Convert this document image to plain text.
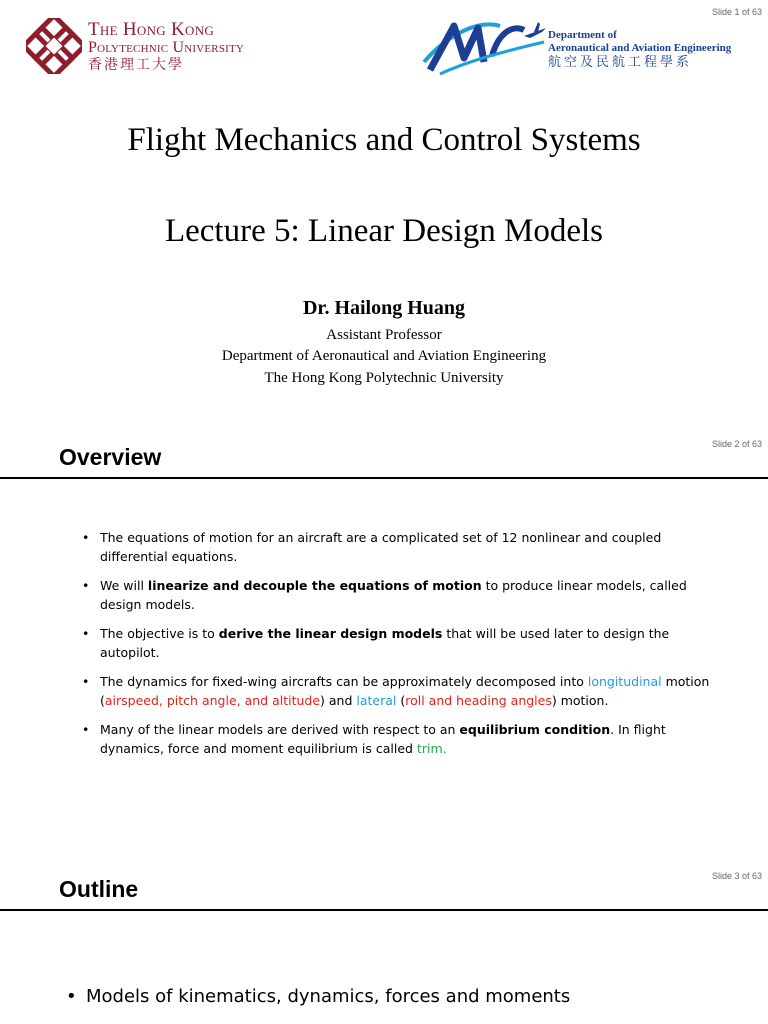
Slide 1 of 63
The Hong Kong
Polytechnic University
香港理工大學
Department of
Aeronautical and Aviation Engineering
航空及民航工程學系
Flight Mechanics and Control Systems
Lecture 5: Linear Design Models
Dr. Hailong Huang
Assistant Professor
Department of Aeronautical and Aviation Engineering
The Hong Kong Polytechnic University
Slide 2 of 63
Overview
• The equations of motion for an aircraft are a complicated set of 12 nonlinear and coupled differential equations.
• We will linearize and decouple the equations of motion to produce linear models, called design models.
• The objective is to derive the linear design models that will be used later to design the autopilot.
• The dynamics for fixed-wing aircrafts can be approximately decomposed into longitudinal motion (airspeed, pitch angle, and altitude) and lateral (roll and heading angles) motion.
• Many of the linear models are derived with respect to an equilibrium condition. In flight dynamics, force and moment equilibrium is called trim.
Slide 3 of 63
Outline
• Models of kinematics, dynamics, forces and moments
